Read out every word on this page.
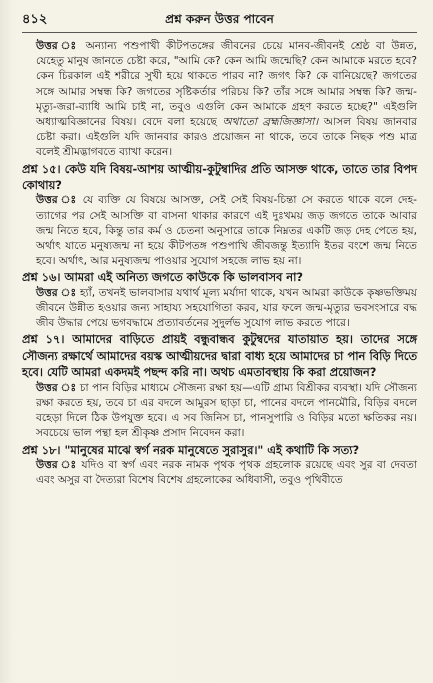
৪১২	প্রশ্ন করুন উত্তর পাবেন

উত্তর ঃ অন্যান্য পশুপাখী কীটপতঙ্গের জীবনের চেয়ে মানব-জীবনই শ্রেষ্ঠ বা উন্নত, যেহেতু মানুষ জানতে চেষ্টা করে, "আমি কে? কেন আমি জন্মেছি? কেন আমাকে মরতে হবে? কেন চিরকাল এই শরীরে সুখী হয়ে থাকতে পারব না? জগৎ কি? কে বানিয়েছে? জগতের সঙ্গে আমার সম্বন্ধ কি? জগতের সৃষ্টিকর্তার পরিচয় কি? তাঁর সঙ্গে আমার সম্বন্ধ কি? জন্ম-মৃত্যু-জরা-ব্যাধি আমি চাই না, তবুও এগুলি কেন আমাকে গ্রহণ করতে হচ্ছে?" এইগুলি অধ্যাত্মবিজ্ঞানের বিষয়। বেদে বলা হয়েছে অথাতো ব্রহ্মজিজ্ঞাসা। আসল বিষয় জানবার চেষ্টা করা। এইগুলি যদি জানবার কারও প্রয়োজন না থাকে, তবে তাকে নিছক পশু মাত্র বলেই শ্রীমদ্ভাগবতে ব্যাখা করেন।

প্রশ্ন ১৫। কেউ যদি বিষয়-আশয় আত্মীয়-কুটুম্বাদির প্রতি আসক্ত থাকে, তাতে তার বিপদ কোথায়?

উত্তর ঃ যে ব্যক্তি যে বিষয়ে আসক্ত, সেই সেই বিষয়-চিন্তা সে করতে থাকে বলে দেহ-ত্যাগের পর সেই আসক্তি বা বাসনা থাকার কারণে এই দুঃখময় জড় জগতে তাকে আবার জন্ম নিতে হবে, কিন্তু তার কর্ম ও চেতনা অনুসারে তাকে নিম্নতর একটি জড় দেহ পেতে হয়, অর্থাৎ যাতে মনুষ্যজন্ম না হয়ে কীটপতঙ্গ পশুপাখি জীবজন্তু ইত্যাদি ইতর বংশে জন্ম নিতে হবে। অর্থাৎ, আর মনুষ্যজন্ম পাওয়ার সুযোগ সহজে লাভ হয় না।

প্রশ্ন ১৬। আমরা এই অনিত্য জগতে কাউকে কি ভালবাসব না?

উত্তর ঃ হ্যাঁ, তখনই ভালবাসার যথার্থ মূল্য মর্যাদা থাকে, যখন আমরা কাউকে কৃষ্ণভক্তিময় জীবনে উন্নীত হওয়ার জন্য সাহায্য সহযোগিতা করব, যার ফলে জন্ম-মৃত্যুর ভবসংসারে বদ্ধ জীব উদ্ধার পেয়ে ভগবদ্ধামে প্রত্যাবর্তনের সুদুর্লভ সুযোগ লাভ করতে পারে।

প্রশ্ন ১৭। আমাদের বাড়িতে প্রায়ই বন্ধুবান্ধব কুটুম্বদের যাতায়াত হয়। তাদের সঙ্গে সৌজন্য রক্ষার্থে আমাদের বয়স্ক আত্মীয়দের দ্বারা বাধ্য হয়ে আমাদের চা পান বিড়ি দিতে হবে। যেটি আমরা একদমই পছন্দ করি না। অথচ এমতাবস্থায় কি করা প্রয়োজন?

উত্তর ঃ চা পান বিড়ির মাধ্যমে সৌজন্য রক্ষা হয়—এটি গ্রাম্য বিশ্রীকর ব্যবস্থা। যদি সৌজন্য রক্ষা করতে হয়, তবে চা এর বদলে আমুরস ছাড়া চা, পানের বদলে পানমৌরি, বিড়ির বদলে বহেড়া দিলে ঠিক উপযুক্ত হবে। এ সব জিনিস চা, পানসুপারি ও বিড়ির মতো ক্ষতিকর নয়। সবচেয়ে ভাল পন্থা হল শ্রীকৃষ্ণ প্রসাদ নিবেদন করা।

প্রশ্ন ১৮। "মানুষের মাঝে স্বর্গ নরক মানুষেতে সুরাসুর।" এই কথাটি কি সত্য?

উত্তর ঃ যদিও বা স্বর্গ এবং নরক নামক পৃথক পৃথক গ্রহলোক রয়েছে এবং সুর বা দেবতা এবং অসুর বা দৈত্যরা বিশেষ বিশেষ গ্রহলোকের অধিবাসী, তবুও পৃথিবীতে
